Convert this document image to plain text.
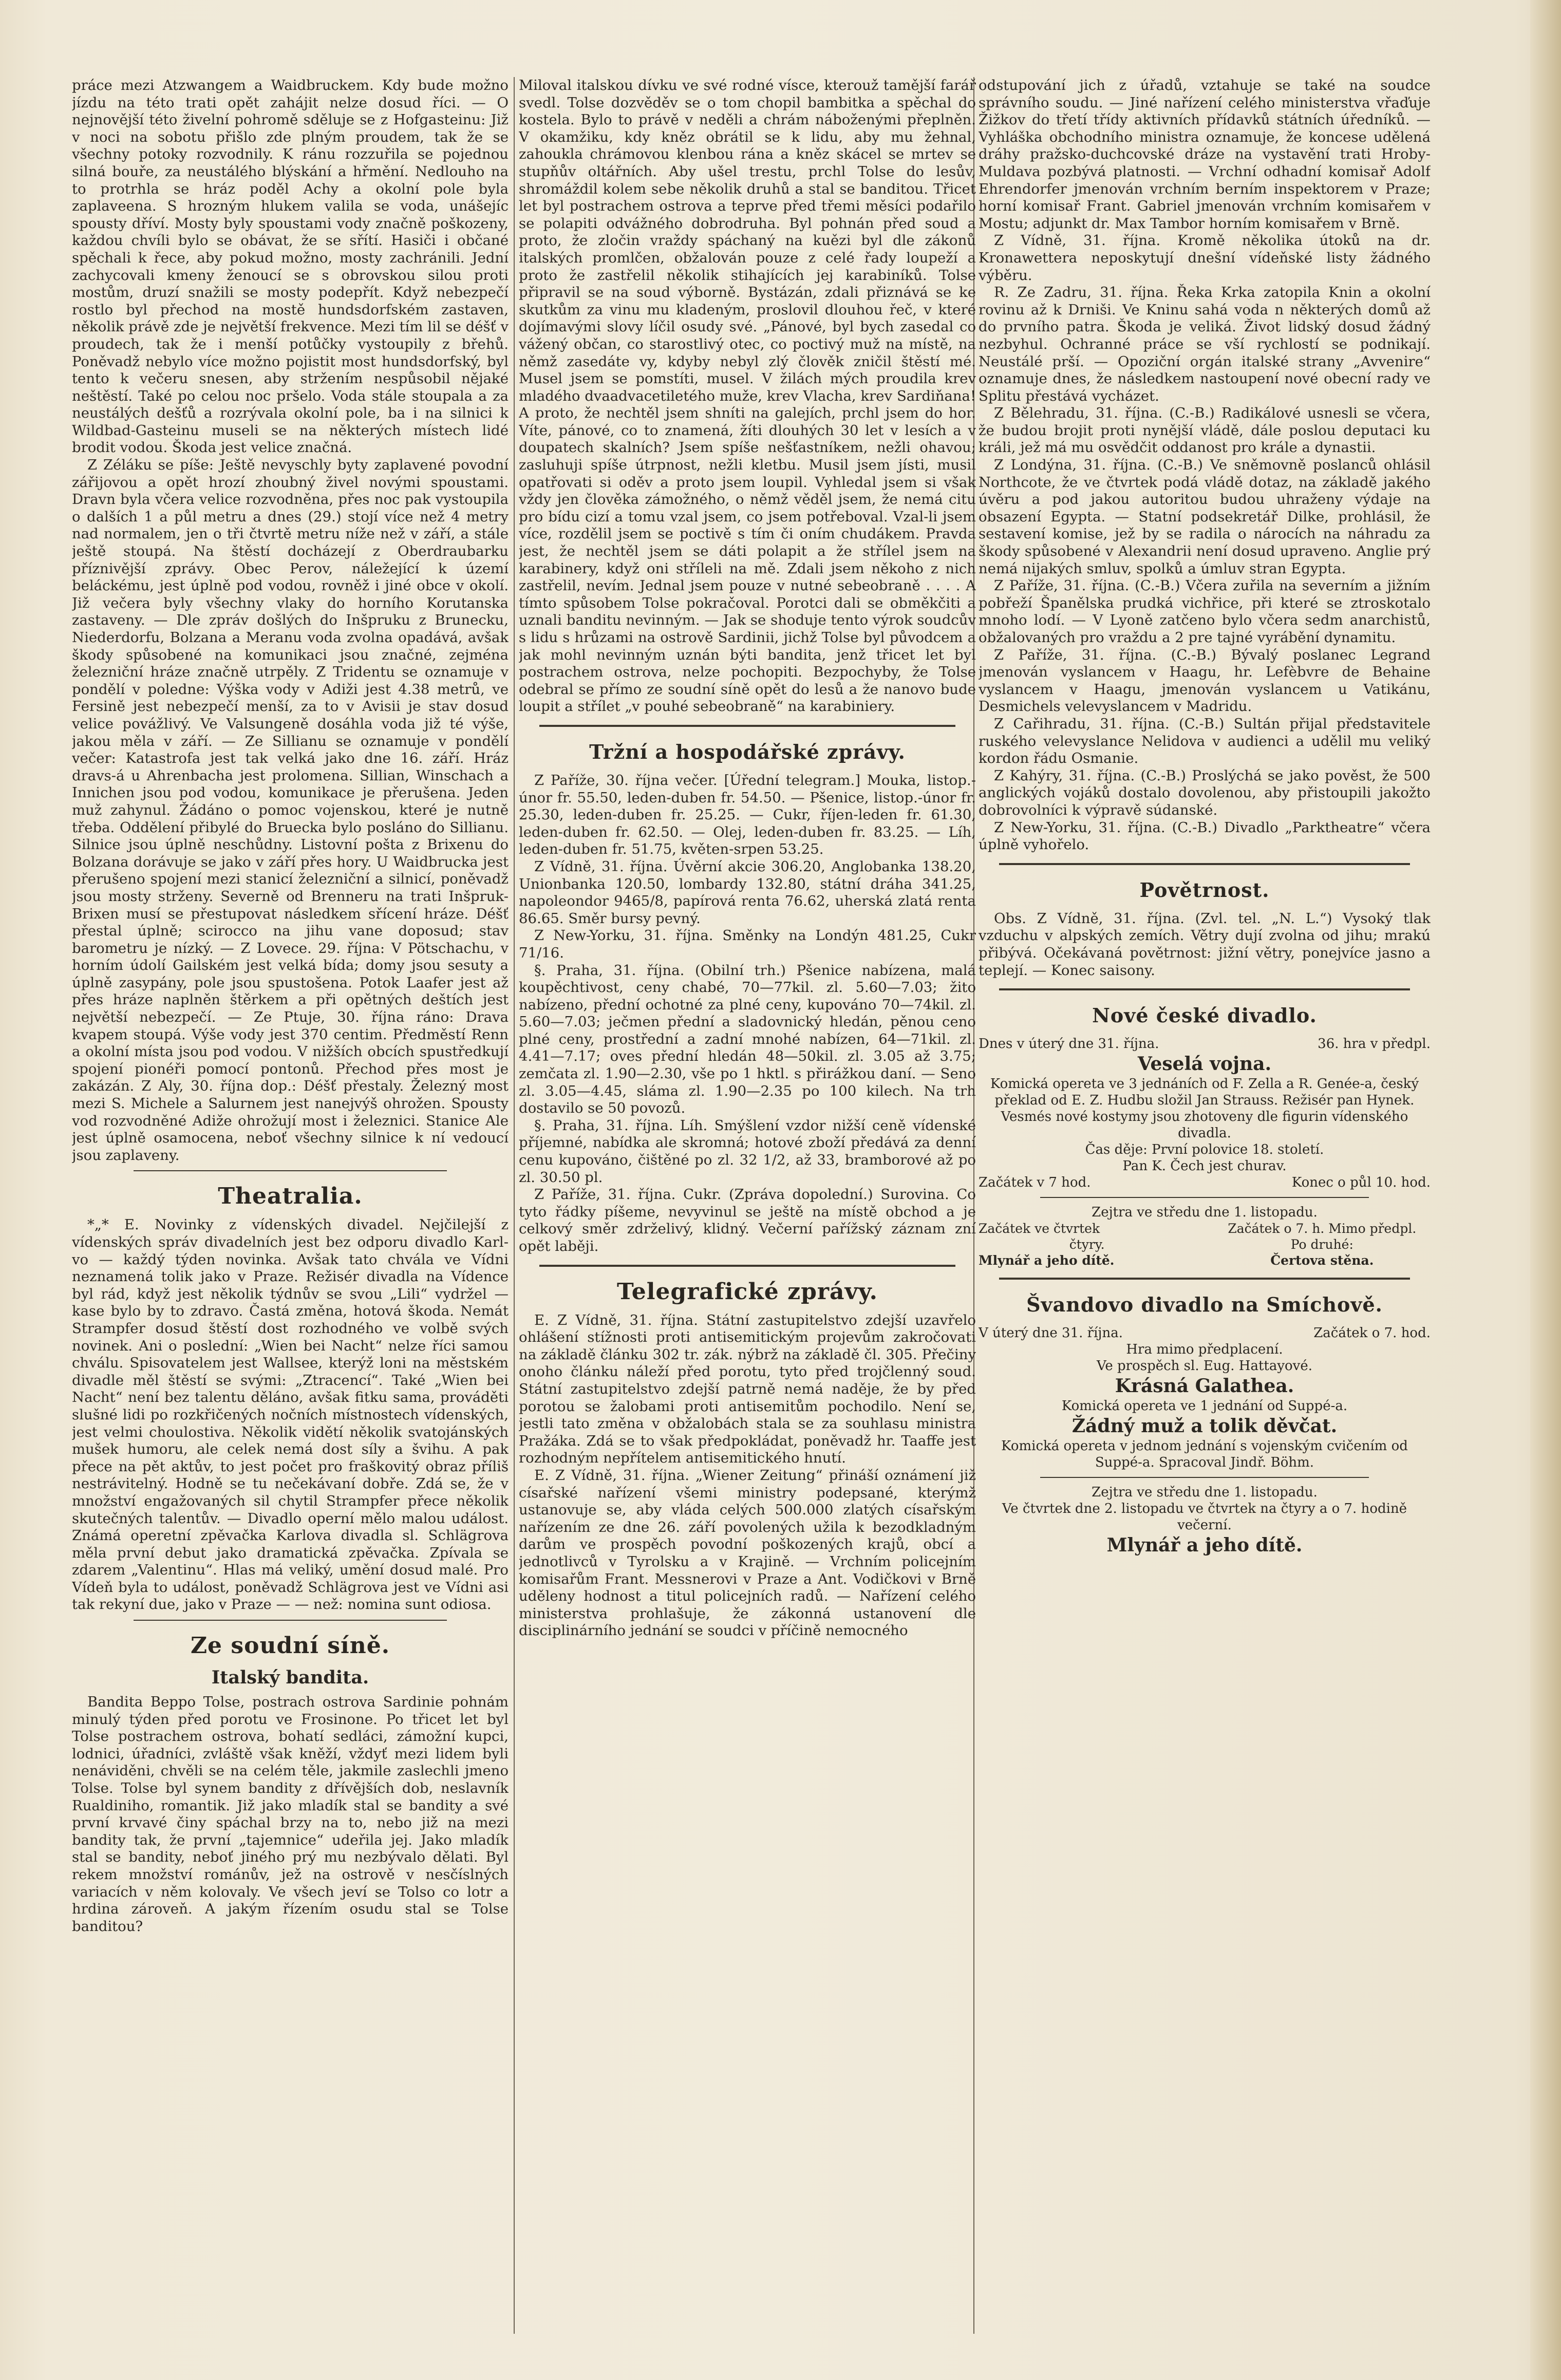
práce mezi Atzwangem a Waidbruckem. Kdy bude možno jízdu na této trati opět zahájit nelze dosud říci. — O nejnovější této živelní pohromě sděluje se z Hofgasteinu: Již v noci na sobotu přišlo zde plným proudem, tak že se všechny potoky rozvodnily. K ránu rozzuřila se pojednou silná bouře, za neustálého blýskání a hřmění. Nedlouho na to protrhla se hráz poděl Achy a okolní pole byla zaplaveena. S hrozným hlukem valila se voda, unášejíc spousty dříví. Mosty byly spoustami vody značně poškozeny, každou chvíli bylo se obávat, že se sřítí. Hasiči i občané spěchali k řece, aby pokud možno, mosty zachránili. Jední zachycovali kmeny ženoucí se s obrovskou silou proti mostům, druzí snažili se mosty podepřít. Když nebezpečí rostlo byl přechod na mostě hundsdorfském zastaven, několik právě zde je největší frekvence. Mezi tím lil se déšť v proudech, tak že i menší potůčky vystoupily z břehů. Poněvadž nebylo více možno pojistit most hundsdorfský, byl tento k večeru snesen, aby stržením nespůsobil nějaké neštěstí. Také po celou noc pršelo. Voda stále stoupala a za neustálých dešťů a rozrývala okolní pole, ba i na silnici k Wildbad-Gasteinu museli se na některých místech lidé brodit vodou. Škoda jest velice značná.

Z Zéláku se píše: Ještě nevyschly byty zaplavené povodní zářijovou a opět hrozí zhoubný živel novými spoustami. Dravn byla včera velice rozvodněna, přes noc pak vystoupila o dalších 1 a půl metru a dnes (29.) stojí více než 4 metry nad normalem, jen o tři čtvrtě metru níže než v září, a stále ještě stoupá. Na štěstí docházejí z Oberdraubarku příznivější zprávy. Obec Perov, náležející k území beláckému, jest úplně pod vodou, rovněž i jiné obce v okolí. Již večera byly všechny vlaky do horního Korutanska zastaveny. — Dle zpráv došlých do Inšpruku z Brunecku, Niederdorfu, Bolzana a Meranu voda zvolna opadává, avšak škody spůsobené na komunikaci jsou značné, zejména železniční hráze značně utrpěly. Z Tridentu se oznamuje v pondělí v poledne: Výška vody v Adiži jest 4.38 metrů, ve Fersině jest nebezpečí menší, za to v Avisii je stav dosud velice povážlivý. Ve Valsungeně dosáhla voda již té výše, jakou měla v září. — Ze Sillianu se oznamuje v pondělí večer: Katastrofa jest tak velká jako dne 16. září. Hráz dravs-á u Ahrenbacha jest prolomena. Sillian, Winschach a Innichen jsou pod vodou, komunikace je přerušena. Jeden muž zahynul. Žádáno o pomoc vojenskou, které je nutně třeba. Oddělení přibylé do Bruecka bylo posláno do Sillianu. Silnice jsou úplně neschůdny. Listovní pošta z Brixenu do Bolzana dorávuje se jako v září přes hory. U Waidbrucka jest přerušeno spojení mezi stanicí železniční a silnicí, poněvadž jsou mosty strženy. Severně od Brenneru na trati Inšpruk-Brixen musí se přestupovat následkem sřícení hráze. Déšť přestal úplně; scirocco na jihu vane doposud; stav barometru je nízký. — Z Lovece. 29. října: V Pötschachu, v horním údolí Gailském jest velká bída; domy jsou sesuty a úplně zasypány, pole jsou spustošena. Potok Laafer jest až přes hráze naplněn štěrkem a při opětných deštích jest největší nebezpečí. — Ze Ptuje, 30. října ráno: Drava kvapem stoupá. Výše vody jest 370 centim. Předměstí Renn a okolní místa jsou pod vodou. V nižších obcích spustředkují spojení pionéři pomocí pontonů. Přechod přes most je zakázán. Z Aly, 30. října dop.: Déšť přestaly. Železný most mezi S. Michele a Salurnem jest nanejvýš ohrožen. Spousty vod rozvodněné Adiže ohrožují most i železnici. Stanice Ale jest úplně osamocena, neboť všechny silnice k ní vedoucí jsou zaplaveny.

Theatralia.

*„* E. Novinky z vídenských divadel. Nejčilejší z vídenských správ divadelních jest bez odporu divadlo Karl-vo — každý týden novinka. Avšak tato chvála ve Vídni neznamená tolik jako v Praze. Režisér divadla na Vídence byl rád, když jest několik týdnův se svou „Lili“ vydržel — kase bylo by to zdravo. Častá změna, hotová škoda. Nemát Strampfer dosud štěstí dost rozhodného ve volbě svých novinek. Ani o poslední: „Wien bei Nacht“ nelze říci samou chválu. Spisovatelem jest Wallsee, kterýž loni na městském divadle měl štěstí se svými: „Ztracencí“. Také „Wien bei Nacht“ není bez talentu děláno, avšak fitku sama, prováděti slušné lidi po rozkřičených nočních místnostech vídenských, jest velmi choulostiva. Několik vidětí několik svatojánských mušek humoru, ale celek nemá dost síly a švihu. A pak přece na pět aktův, to jest počet pro fraškovitý obraz příliš nestrávitelný. Hodně se tu nečekávaní dobře. Zdá se, že v množství engažovaných sil chytil Strampfer přece několik skutečných talentův. — Divadlo operní mělo malou událost. Známá operetní zpěvačka Karlova divadla sl. Schlägrova měla první debut jako dramatická zpěvačka. Zpívala se zdarem „Valentinu“. Hlas má veliký, umění dosud malé. Pro Vídeň byla to událost, poněvadž Schlägrova jest ve Vídni asi tak rekyní due, jako v Praze — — než: nomina sunt odiosa.

Ze soudní síně.
Italský bandita.

Bandita Beppo Tolse, postrach ostrova Sardinie pohnám minulý týden před porotu ve Frosinone. Po třicet let byl Tolse postrachem ostrova, bohatí sedláci, zámožní kupci, lodnici, úřadníci, zvláště však kněží, vždyť mezi lidem byli nenáviděni, chvěli se na celém těle, jakmile zaslechli jmeno Tolse. Tolse byl synem bandity z dřívějších dob, neslavník Rualdiniho, romantik. Již jako mladík stal se bandity a své první krvavé činy spáchal brzy na to, nebo již na mezi bandity tak, že první „tajemnice“ udeřila jej. Jako mladík stal se bandity, neboť jiného prý mu nezbývalo dělati. Byl rekem množství románův, jež na ostrově v nesčíslných variacích v něm kolovaly. Ve všech jeví se Tolso co lotr a hrdina zároveň. A jakým řízením osudu stal se Tolse banditou?

Miloval italskou dívku ve své rodné vísce, kterouž tamější farář svedl. Tolse dozvěděv se o tom chopil bambitka a spěchal do kostela. Bylo to právě v neděli a chrám náboženými přeplněn. V okamžiku, kdy kněz obrátil se k lidu, aby mu žehnal, zahoukla chrámovou klenbou rána a kněz skácel se mrtev se stupňův oltářních. Aby ušel trestu, prchl Tolse do lesův, shromáždil kolem sebe několik druhů a stal se banditou. Třicet let byl postrachem ostrova a teprve před třemi měsíci podařilo se polapiti odvážného dobrodruha. Byl pohnán před soud a proto, že zločin vraždy spáchaný na kuězi byl dle zákonů italských promlčen, obžalován pouze z celé řady loupeží a proto že zastřelil několik stihajících jej karabiníků. Tolse připravil se na soud výborně. Bystázán, zdali přiznává se ke skutkům za vinu mu kladeným, proslovil dlouhou řeč, v které dojímavými slovy líčil osudy své. „Pánové, byl bych zasedal co vážený občan, co starostlivý otec, co poctivý muž na místě, na němž zasedáte vy, kdyby nebyl zlý člověk zničil štěstí mé. Musel jsem se pomstíti, musel. V žilách mých proudila krev mladého dvaadvacetiletého muže, krev Vlacha, krev Sardiňana! A proto, že nechtěl jsem shníti na galejích, prchl jsem do hor. Víte, pánové, co to znamená, žíti dlouhých 30 let v lesích a v doupatech skalních? Jsem spíše nešťastníkem, nežli ohavou; zasluhuji spíše útrpnost, nežli kletbu. Musil jsem jísti, musil opatřovati si oděv a proto jsem loupil. Vyhledal jsem si však vždy jen člověka zámožného, o němž věděl jsem, že nemá citu pro bídu cizí a tomu vzal jsem, co jsem potřeboval. Vzal-li jsem více, rozdělil jsem se poctivě s tím či oním chudákem. Pravda jest, že nechtěl jsem se dáti polapit a že střílel jsem na karabinery, když oni stříleli na mě. Zdali jsem někoho z nich zastřelil, nevím. Jednal jsem pouze v nutné sebeobraně . . . . A tímto spůsobem Tolse pokračoval. Porotci dali se obměkčiti a uznali banditu nevinným. — Jak se shoduje tento výrok soudcův s lidu s hrůzami na ostrově Sardinii, jichž Tolse byl původcem a jak mohl nevinným uznán býti bandita, jenž třicet let byl postrachem ostrova, nelze pochopiti. Bezpochyby, že Tolse odebral se přímo ze soudní síně opět do lesů a že nanovo bude loupit a střílet „v pouhé sebeobraně“ na karabiniery.

Tržní a hospodářské zprávy.

Z Paříže, 30. října večer. [Úřední telegram.] Mouka, listop.-únor fr. 55.50, leden-duben fr. 54.50. — Pšenice, listop.-únor fr. 25.30, leden-duben fr. 25.25. — Cukr, říjen-leden fr. 61.30, leden-duben fr. 62.50. — Olej, leden-duben fr. 83.25. — Líh, leden-duben fr. 51.75, květen-srpen 53.25.

Z Vídně, 31. října. Úvěrní akcie 306.20, Anglobanka 138.20, Unionbanka 120.50, lombardy 132.80, státní dráha 341.25, napoleondor 9465/8, papírová renta 76.62, uherská zlatá renta 86.65. Směr bursy pevný.

Z New-Yorku, 31. října. Směnky na Londýn 481.25, Cukr 71/16.

§. Praha, 31. října. (Obilní trh.) Pšenice nabízena, malá koupěchtivost, ceny chabé, 70—77kil. zl. 5.60—7.03; žito nabízeno, přední ochotné za plné ceny, kupováno 70—74kil. zl. 5.60—7.03; ječmen přední a sladovnický hledán, pěnou ceno plné ceny, prostřední a zadní mnohé nabízen, 64—71kil. zl. 4.41—7.17; oves přední hledán 48—50kil. zl. 3.05 až 3.75; zemčata zl. 1.90—2.30, vše po 1 hktl. s přirážkou daní. — Seno zl. 3.05—4.45, sláma zl. 1.90—2.35 po 100 kilech. Na trh dostavilo se 50 povozů.

§. Praha, 31. října. Líh. Smýšlení vzdor nižší ceně vídenské příjemné, nabídka ale skromná; hotové zboží předává za denní cenu kupováno, čištěné po zl. 32 1/2, až 33, bramborové až po zl. 30.50 pl.

Z Paříže, 31. října. Cukr. (Zpráva dopolední.) Surovina. Co tyto řádky píšeme, nevyvinul se ještě na místě obchod a je celkový směr zdrželivý, klidný. Večerní pařížský záznam zní opět laběji.

Telegrafické zprávy.

E. Z Vídně, 31. října. Státní zastupitelstvo zdejší uzavřelo ohlášení stížnosti proti antisemitickým projevům zakročovati na základě článku 302 tr. zák. nýbrž na základě čl. 305. Přečiny onoho článku náleží před porotu, tyto před trojčlenný soud. Státní zastupitelstvo zdejší patrně nemá naděje, že by před porotou se žalobami proti antisemitům pochodilo. Není se, jestli tato změna v obžalobách stala se za souhlasu ministra Pražáka. Zdá se to však předpokládat, poněvadž hr. Taaffe jest rozhodným nepřítelem antisemitického hnutí.

E. Z Vídně, 31. října. „Wiener Zeitung“ přináší oznámení již císařské nařízení všemi ministry podepsané, kterýmž ustanovuje se, aby vláda celých 500.000 zlatých císařským nařízením ze dne 26. září povolených užila k bezodkladným darům ve prospěch povodní poškozených krajů, obcí a jednotlivců v Tyrolsku a v Krajině. — Vrchním policejním komisařům Frant. Messnerovi v Praze a Ant. Vodičkovi v Brně uděleny hodnost a titul policejních radů. — Nařízení celého ministerstva prohlašuje, že zákonná ustanovení dle disciplinárního jednání se soudci v příčině nemocného

odstupování jich z úřadů, vztahuje se také na soudce správního soudu. — Jiné nařízení celého ministerstva vřaďuje Žižkov do třetí třídy aktivních přídavků státních úředníků. — Vyhláška obchodního ministra oznamuje, že koncese udělená dráhy pražsko-duchcovské dráze na vystavění trati Hroby-Muldava pozbývá platnosti. — Vrchní odhadní komisař Adolf Ehrendorfer jmenován vrchním berním inspektorem v Praze; horní komisař Frant. Gabriel jmenován vrchním komisařem v Mostu; adjunkt dr. Max Tambor horním komisařem v Brně.

Z Vídně, 31. října. Kromě několika útoků na dr. Kronawettera neposkytují dnešní vídeňské listy žádného výběru.

R. Ze Zadru, 31. října. Řeka Krka zatopila Knin a okolní rovinu až k Drniši. Ve Kninu sahá voda n některých domů až do prvního patra. Škoda je veliká. Život lidský dosud žádný nezbyhul. Ochranné práce se vší rychlostí se podnikají. Neustálé prší. — Opoziční orgán italské strany „Avvenire“ oznamuje dnes, že následkem nastoupení nové obecní rady ve Splitu přestává vycházet.

Z Bělehradu, 31. října. (C.-B.) Radikálové usnesli se včera, že budou brojit proti nynější vládě, dále poslou deputaci ku králi, jež má mu osvědčit oddanost pro krále a dynastii.

Z Londýna, 31. října. (C.-B.) Ve sněmovně poslanců ohlásil Northcote, že ve čtvrtek podá vládě dotaz, na základě jakého úvěru a pod jakou autoritou budou uhraženy výdaje na obsazení Egypta. — Statní podsekretář Dilke, prohlásil, že sestavení komise, jež by se radila o nárocích na náhradu za škody spůsobené v Alexandrii není dosud upraveno. Anglie prý nemá nijakých smluv, spolků a úmluv stran Egypta.

Z Paříže, 31. října. (C.-B.) Včera zuřila na severním a jižním pobřeží Španělska prudká vichřice, při které se ztroskotalo mnoho lodí. — V Lyoně zatčeno bylo včera sedm anarchistů, obžalovaných pro vraždu a 2 pre tajné vyrábění dynamitu.

Z Paříže, 31. října. (C.-B.) Bývalý poslanec Legrand jmenován vyslancem v Haagu, hr. Lefèbvre de Behaine vyslancem v Haagu, jmenován vyslancem u Vatikánu, Desmichels velevyslancem v Madridu.

Z Cařihradu, 31. října. (C.-B.) Sultán přijal představitele ruského velevyslance Nelidova v audienci a udělil mu veliký kordon řádu Osmanie.

Z Kahýry, 31. října. (C.-B.) Proslýchá se jako pověst, že 500 anglických vojáků dostalo dovolenou, aby přistoupili jakožto dobrovolníci k výpravě súdanské.

Z New-Yorku, 31. října. (C.-B.) Divadlo „Parktheatre“ včera úplně vyhořelo.

Povětrnost.

Obs. Z Vídně, 31. října. (Zvl. tel. „N. L.“) Vysoký tlak vzduchu v alpských zemích. Větry dují zvolna od jihu; mrakú přibývá. Očekávaná povětrnost: jižní větry, ponejvíce jasno a teplejí. — Konec saisony.

Nové české divadlo.
Dnes v úterý dne 31. října.	36. hra v předpl.
Veselá vojna.
Komická opereta ve 3 jednáních od F. Zella a R. Genée-a, český překlad od E. Z. Hudbu složil Jan Strauss. Režisér pan Hynek.
Vesmés nové kostymy jsou zhotoveny dle figurin vídenského divadla.
Čas děje: První polovice 18. století.
Pan K. Čech jest churav.
Začátek v 7 hod.	Konec o půl 10. hod.
Zejtra ve středu dne 1. listopadu.
Začátek ve čtvrtek
čtyry.
Mlynář a jeho dítě.
Začátek o 7. h. Mimo předpl.
Po druhé:
Čertova stěna.
Švandovo divadlo na Smíchově.
V úterý dne 31. října.	Začátek o 7. hod.
Hra mimo předplacení.
Ve prospěch sl. Eug. Hattayové.
Krásná Galathea.
Komická opereta ve 1 jednání od Suppé-a.
Žádný muž a tolik děvčat.
Komická opereta v jednom jednání s vojenským cvičením od Suppé-a. Spracoval Jindř. Böhm.
Zejtra ve středu dne 1. listopadu.
Ve čtvrtek dne 2. listopadu ve čtvrtek na čtyry a o 7. hodině večerní.
Mlynář a jeho dítě.
